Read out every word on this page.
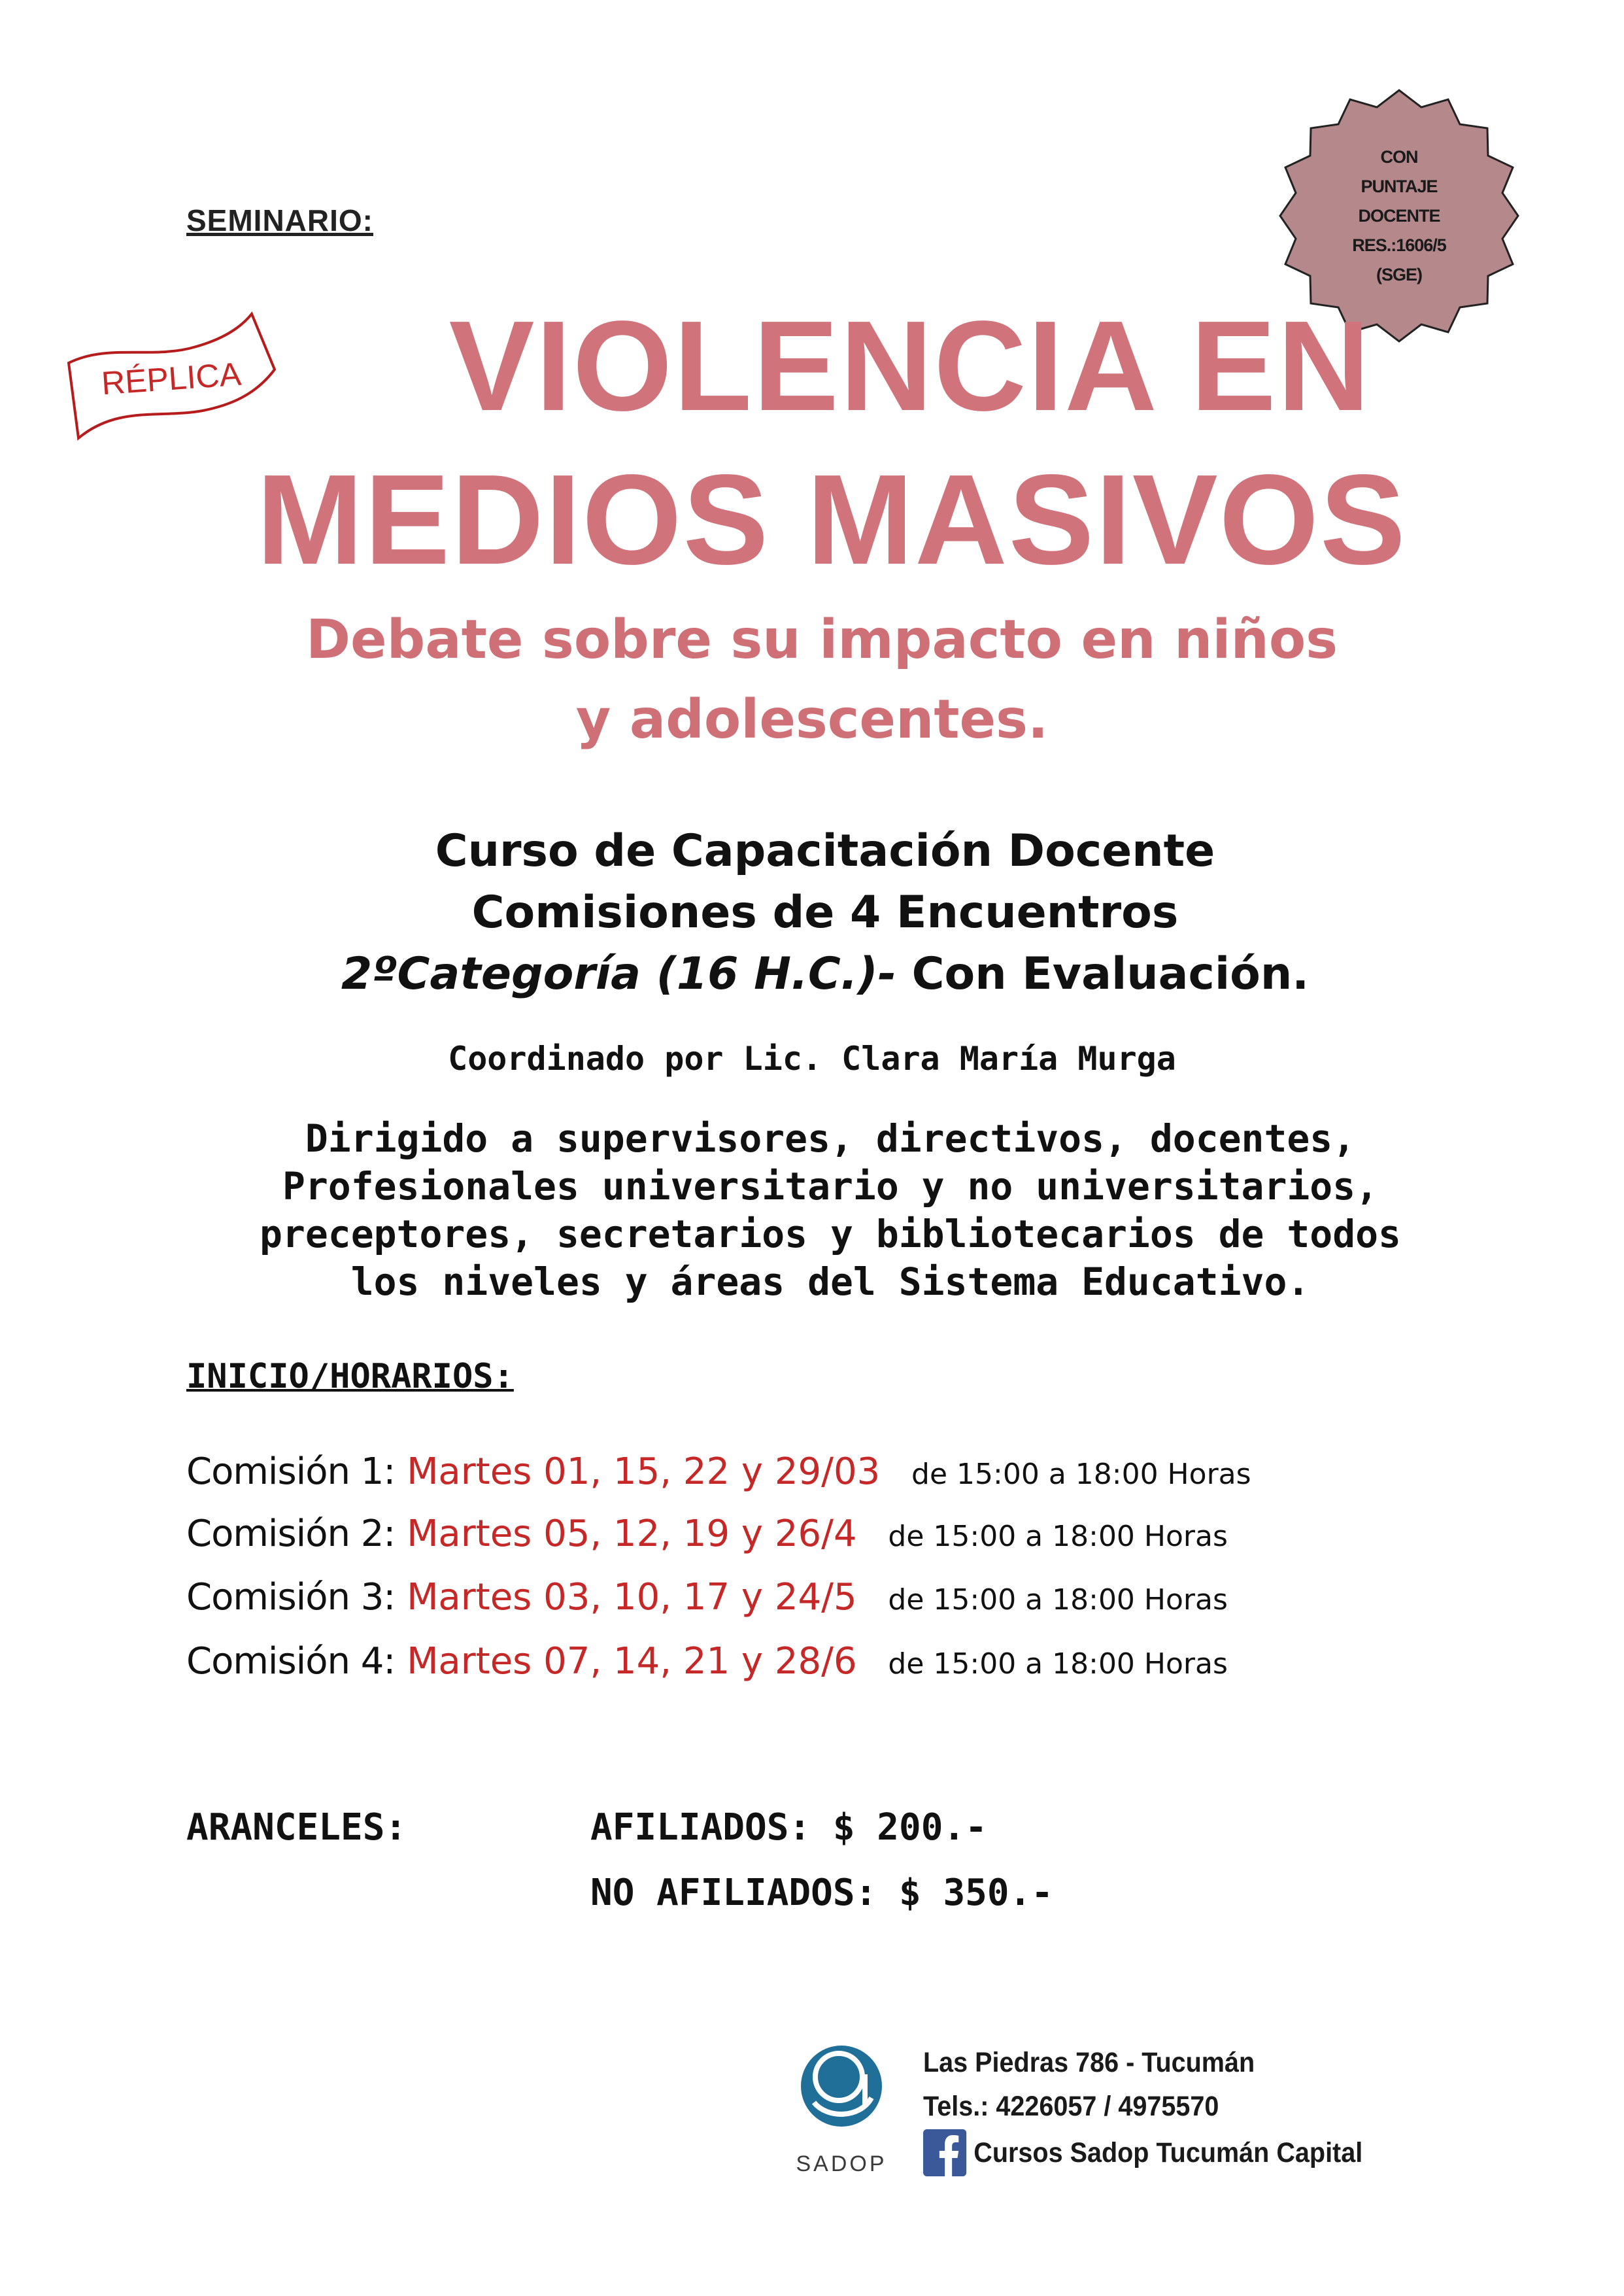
SEMINARIO:
CON
PUNTAJE
DOCENTE
RES.:1606/5
(SGE)
RÉPLICA	VIOLENCIA EN
MEDIOS MASIVOS
Debate sobre su impacto en niños
y adolescentes.
Curso de Capacitación Docente
Comisiones de 4 Encuentros
2ºCategoría (16 H.C.)- Con Evaluación.
Coordinado por Lic. Clara María Murga
Dirigido a supervisores, directivos, docentes,
Profesionales universitario y no universitarios,
preceptores, secretarios y bibliotecarios de todos
los niveles y áreas del Sistema Educativo.
INICIO/HORARIOS:
Comisión 1: Martes 01, 15, 22 y 29/03 de 15:00 a 18:00 Horas
Comisión 2: Martes 05, 12, 19 y 26/4 de 15:00 a 18:00 Horas
Comisión 3: Martes 03, 10, 17 y 24/5 de 15:00 a 18:00 Horas
Comisión 4: Martes 07, 14, 21 y 28/6 de 15:00 a 18:00 Horas
ARANCELES:	AFILIADOS: $ 200.-
NO AFILIADOS: $ 350.-
SADOP
Las Piedras 786 - Tucumán
Tels.: 4226057 / 4975570
Cursos Sadop Tucumán Capital
